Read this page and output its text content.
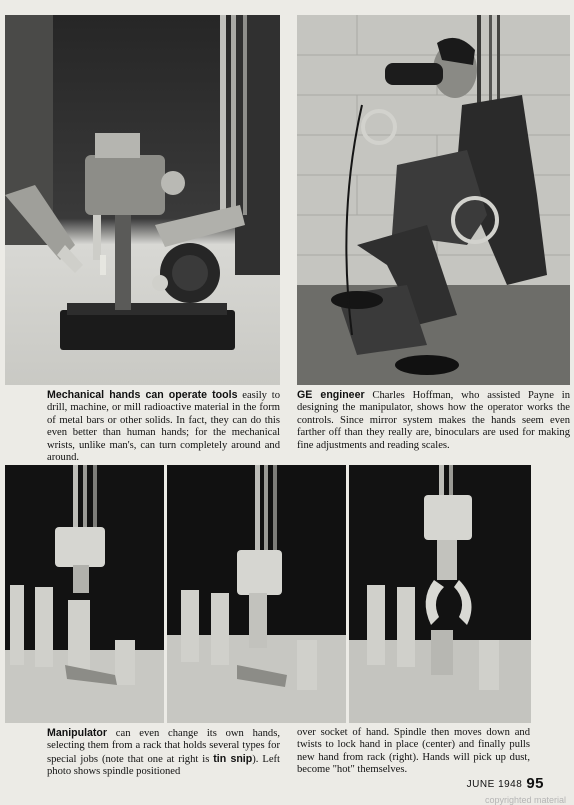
Mechanical hands can operate tools easily to drill, machine, or mill radioactive material in the form of metal bars or other solids. In fact, they can do this even better than human hands; for the mechanical wrists, unlike man's, can turn completely around and around.

GE engineer Charles Hoffman, who assisted Payne in designing the manipulator, shows how the operator works the controls. Since mirror system makes the hands seem even farther off than they really are, binoculars are used for making fine adjustments and reading scales.

Manipulator can even change its own hands, selecting them from a rack that holds several types for special jobs (note that one at right is tin snip). Left photo shows spindle positioned

over socket of hand. Spindle then moves down and twists to lock hand in place (center) and finally pulls new hand from rack (right). Hands will pick up dust, become "hot" themselves.

JUNE 1948 95
copyrighted material
